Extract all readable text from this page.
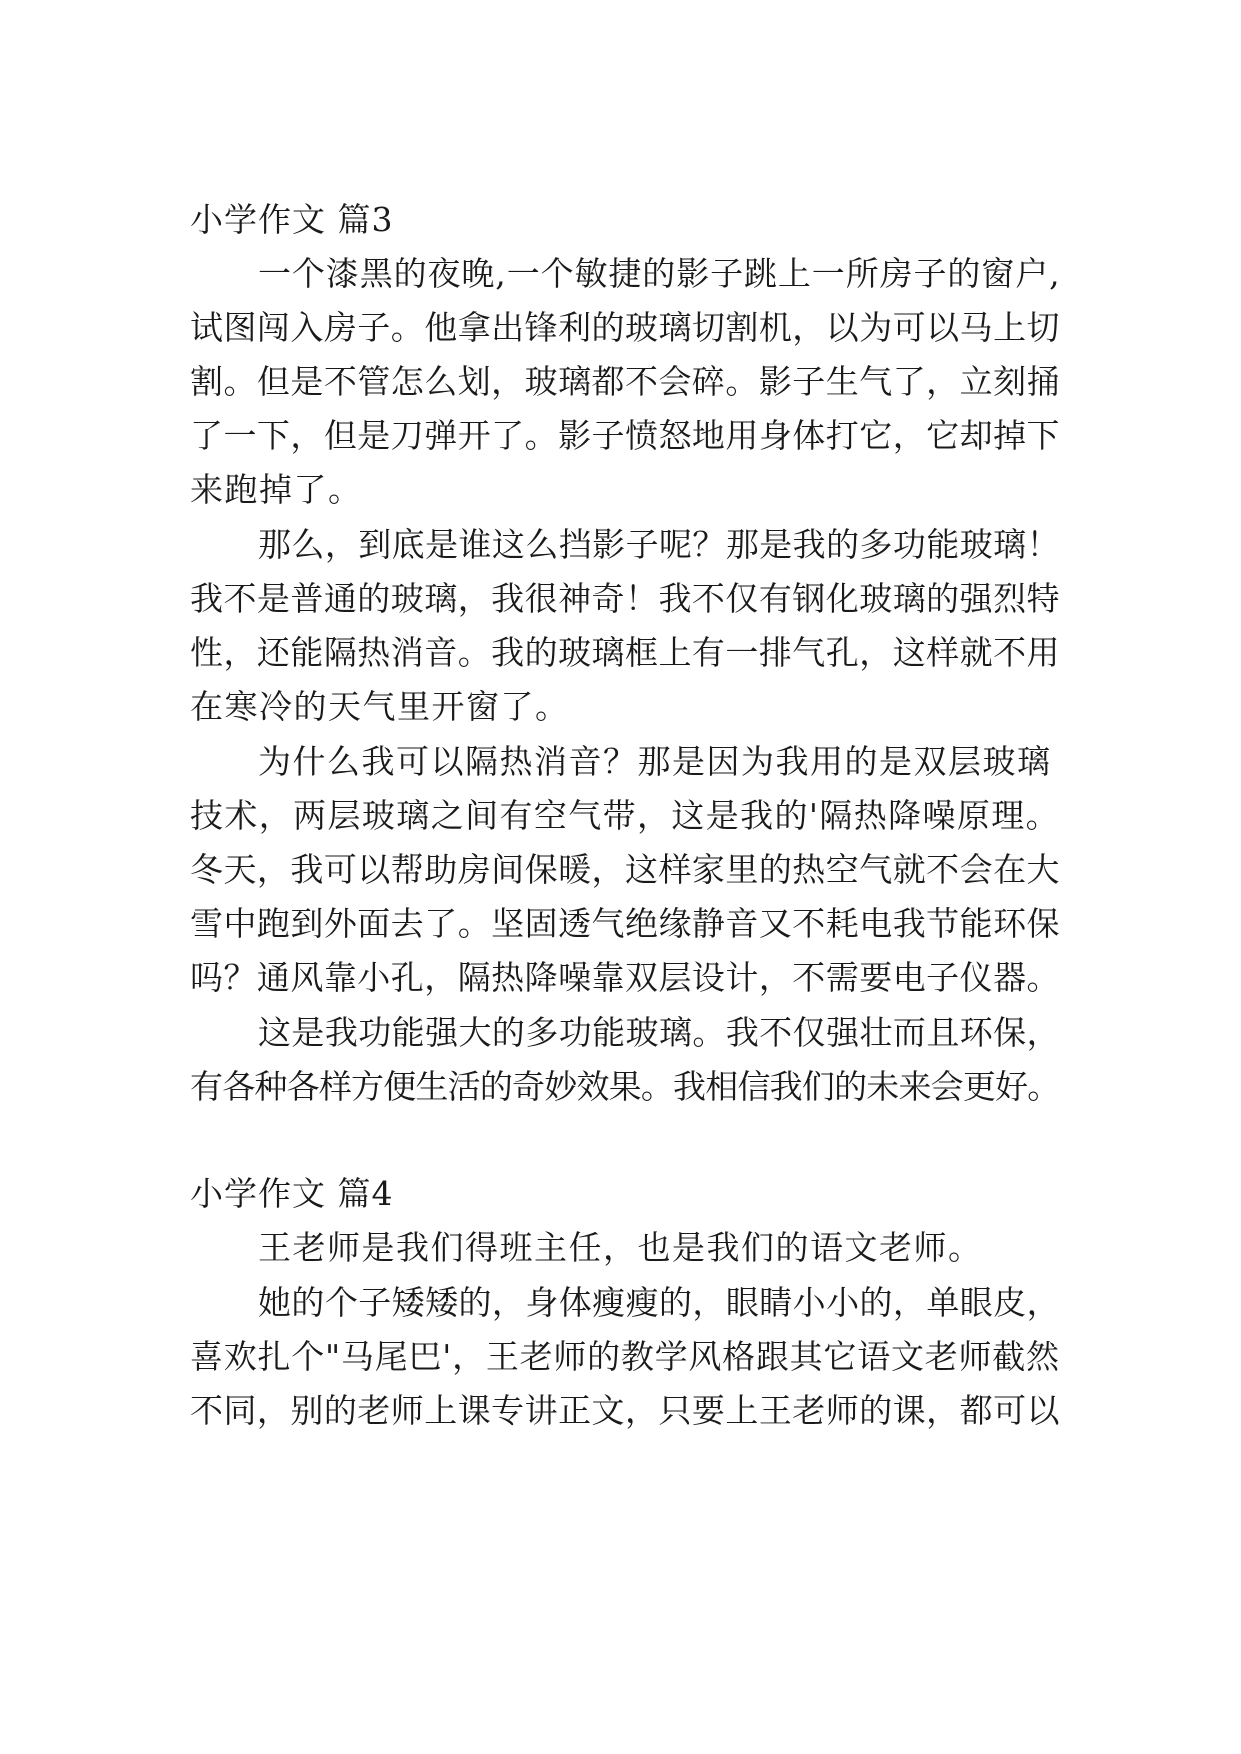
小学作文 篇3
一个漆黑的夜晚,一个敏捷的影子跳上一所房子的窗户,
试图闯入房子。他拿出锋利的玻璃切割机，以为可以马上切
割。但是不管怎么划，玻璃都不会碎。影子生气了，立刻捅
了一下，但是刀弹开了。影子愤怒地用身体打它，它却掉下
来跑掉了。
那么，到底是谁这么挡影子呢？那是我的多功能玻璃！
我不是普通的玻璃，我很神奇！我不仅有钢化玻璃的强烈特
性，还能隔热消音。我的玻璃框上有一排气孔，这样就不用
在寒冷的天气里开窗了。
为什么我可以隔热消音？那是因为我用的是双层玻璃
技术，两层玻璃之间有空气带，这是我的'隔热降噪原理。
冬天，我可以帮助房间保暖，这样家里的热空气就不会在大
雪中跑到外面去了。坚固透气绝缘静音又不耗电我节能环保
吗？通风靠小孔，隔热降噪靠双层设计，不需要电子仪器。
这是我功能强大的多功能玻璃。我不仅强壮而且环保，
有各种各样方便生活的奇妙效果。我相信我们的未来会更好。
小学作文 篇4
王老师是我们得班主任，也是我们的语文老师。
她的个子矮矮的，身体瘦瘦的，眼睛小小的，单眼皮，
喜欢扎个"马尾巴'，王老师的教学风格跟其它语文老师截然
不同，别的老师上课专讲正文，只要上王老师的课，都可以
